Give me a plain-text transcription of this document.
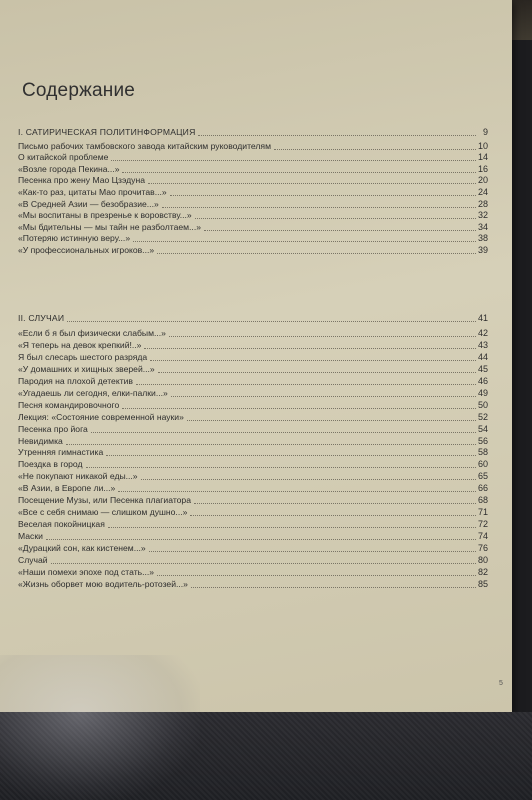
Содержание
I. САТИРИЧЕСКАЯ ПОЛИТИНФОРМАЦИЯ	9
Письмо рабочих тамбовского завода китайским руководителям	10
О китайской проблеме	14
«Возле города Пекина...»	16
Песенка про жену Мао Цзэдуна	20
«Как-то раз, цитаты Мао прочитав...»	24
«В Средней Азии — безобразие...»	28
«Мы воспитаны в презренье к воровству...»	32
«Мы бдительны — мы тайн не разболтаем...»	34
«Потеряю истинную веру...»	38
«У профессиональных игроков...»	39
II. СЛУЧАИ	41
«Если б я был физически слабым...»	42
«Я теперь на девок крепкий!..»	43
Я был слесарь шестого разряда	44
«У домашних и хищных зверей...»	45
Пародия на плохой детектив	46
«Угадаешь ли сегодня, елки-палки...»	49
Песня командировочного	50
Лекция: «Состояние современной науки»	52
Песенка про йога	54
Невидимка	56
Утренняя гимнастика	58
Поездка в город	60
«Не покупают никакой еды...»	65
«В Азии, в Европе ли...»	66
Посещение Музы, или Песенка плагиатора	68
«Все с себя снимаю — слишком душно...»	71
Веселая покойницкая	72
Маски	74
«Дурацкий сон, как кистенем...»	76
Случай	80
«Наши помехи эпохе под стать...»	82
«Жизнь оборвет мою водитель-ротозей...»	85
5
